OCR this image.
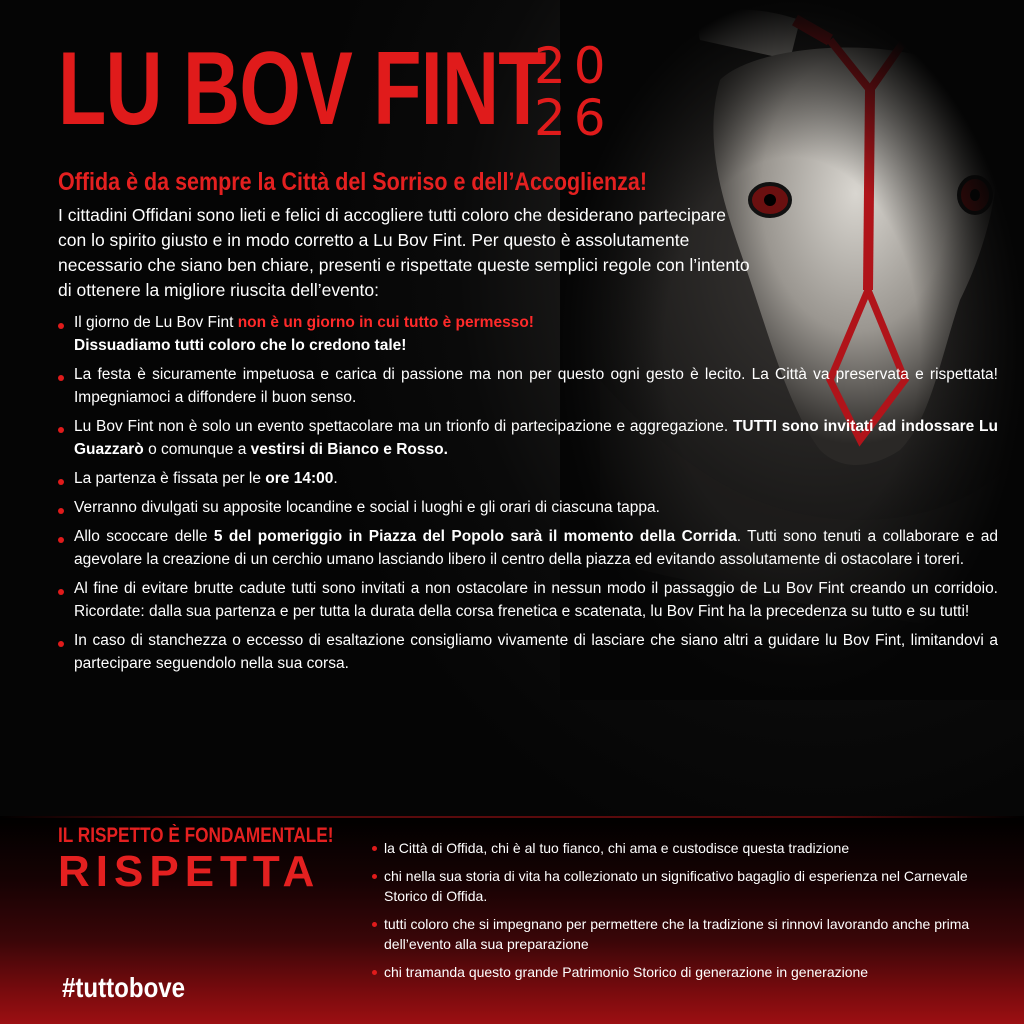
LU BOV FINT
20
26
Offida è da sempre la Città del Sorriso e dell’Accoglienza!

I cittadini Offidani sono lieti e felici di accogliere tutti coloro che desiderano partecipare con lo spirito giusto e in modo corretto a Lu Bov Fint. Per questo è assolutamente necessario che siano ben chiare, presenti e rispettate queste semplici regole con l’intento di ottenere la migliore riuscita dell’evento:

Il giorno de Lu Bov Fint non è un giorno in cui tutto è permesso!
Dissuadiamo tutti coloro che lo credono tale!
La festa è sicuramente impetuosa e carica di passione ma non per questo ogni gesto è lecito. La Città va preservata e rispettata! Impegniamoci a diffondere il buon senso.
Lu Bov Fint non è solo un evento spettacolare ma un trionfo di partecipazione e aggregazione. TUTTI sono invitati ad indossare Lu Guazzarò o comunque a vestirsi di Bianco e Rosso.
La partenza è fissata per le ore 14:00.
Verranno divulgati su apposite locandine e social i luoghi e gli orari di ciascuna tappa.
Allo scoccare delle 5 del pomeriggio in Piazza del Popolo sarà il momento della Corrida. Tutti sono tenuti a collaborare e ad agevolare la creazione di un cerchio umano lasciando libero il centro della piazza ed evitando assolutamente di ostacolare i toreri.
Al fine di evitare brutte cadute tutti sono invitati a non ostacolare in nessun modo il passaggio de Lu Bov Fint creando un corridoio. Ricordate: dalla sua partenza e per tutta la durata della corsa frenetica e scatenata, lu Bov Fint ha la precedenza su tutto e su tutti!
In caso di stanchezza o eccesso di esaltazione consigliamo vivamente di lasciare che siano altri a guidare lu Bov Fint, limitandovi a partecipare seguendolo nella sua corsa.
IL RISPETTO È FONDAMENTALE!
RISPETTA	la Città di Offida, chi è al tuo fianco, chi ama e custodisce questa tradizione
chi nella sua storia di vita ha collezionato un significativo bagaglio di esperienza nel Carnevale Storico di Offida.
tutti coloro che si impegnano per permettere che la tradizione si rinnovi lavorando anche prima dell’evento alla sua preparazione
chi tramanda questo grande Patrimonio Storico di generazione in generazione
#tuttobove
